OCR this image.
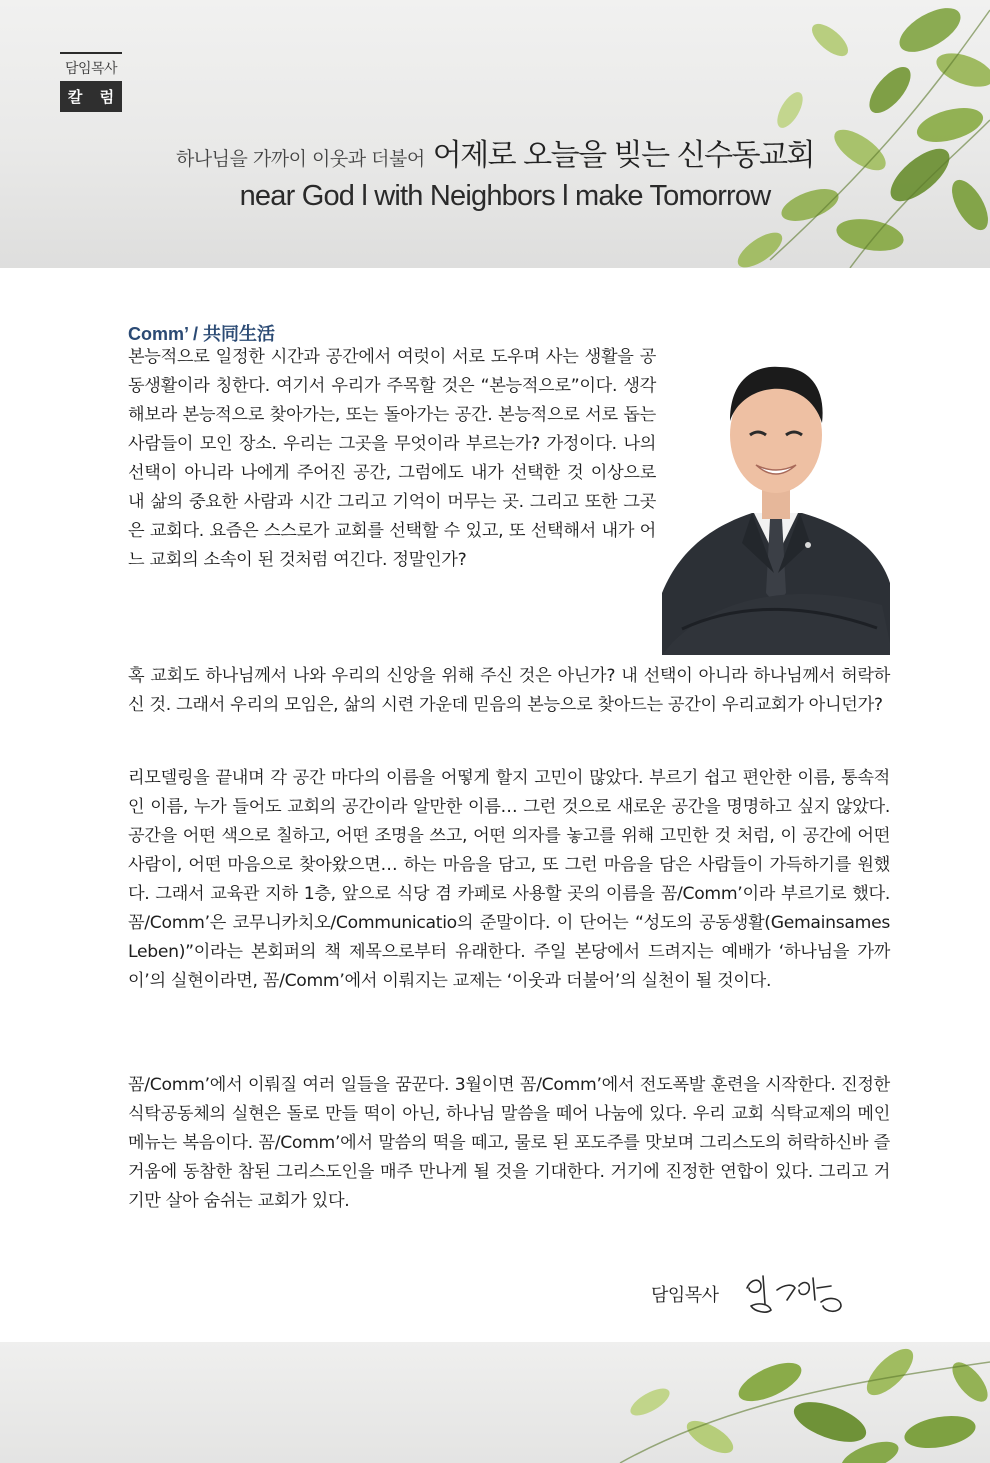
담임목사
칼 럼
하나님을 가까이 이웃과 더불어 어제로 오늘을 빚는 신수동교회
near God l with Neighbors l make Tomorrow
Comm’ / 共同生活
본능적으로 일정한 시간과 공간에서 여럿이 서로 도우며 사는 생활을 공동생활이라 칭한다. 여기서 우리가 주목할 것은 “본능적으로”이다. 생각해보라 본능적으로 찾아가는, 또는 돌아가는 공간. 본능적으로 서로 돕는 사람들이 모인 장소. 우리는 그곳을 무엇이라 부르는가? 가정이다. 나의 선택이 아니라 나에게 주어진 공간, 그럼에도 내가 선택한 것 이상으로 내 삶의 중요한 사람과 시간 그리고 기억이 머무는 곳. 그리고 또한 그곳은 교회다. 요즘은 스스로가 교회를 선택할 수 있고, 또 선택해서 내가 어느 교회의 소속이 된 것처럼 여긴다. 정말인가?
혹 교회도 하나님께서 나와 우리의 신앙을 위해 주신 것은 아닌가? 내 선택이 아니라 하나님께서 허락하신 것. 그래서 우리의 모임은, 삶의 시련 가운데 믿음의 본능으로 찾아드는 공간이 우리교회가 아니던가?
리모델링을 끝내며 각 공간 마다의 이름을 어떻게 할지 고민이 많았다. 부르기 쉽고 편안한 이름, 통속적인 이름, 누가 들어도 교회의 공간이라 알만한 이름… 그런 것으로 새로운 공간을 명명하고 싶지 않았다. 공간을 어떤 색으로 칠하고, 어떤 조명을 쓰고, 어떤 의자를 놓고를 위해 고민한 것 처럼, 이 공간에 어떤 사람이, 어떤 마음으로 찾아왔으면… 하는 마음을 담고, 또 그런 마음을 담은 사람들이 가득하기를 원했다. 그래서 교육관 지하 1층, 앞으로 식당 겸 카페로 사용할 곳의 이름을 꼼/Comm’이라 부르기로 했다. 꼼/Comm’은 코무니카치오/Communicatio의 준말이다. 이 단어는 “성도의 공동생활(Gemainsames Leben)”이라는 본회퍼의 책 제목으로부터 유래한다. 주일 본당에서 드려지는 예배가 ‘하나님을 가까이’의 실현이라면, 꼼/Comm’에서 이뤄지는 교제는 ‘이웃과 더불어’의 실천이 될 것이다.
꼼/Comm’에서 이뤄질 여러 일들을 꿈꾼다. 3월이면 꼼/Comm’에서 전도폭발 훈련을 시작한다. 진정한 식탁공동체의 실현은 돌로 만들 떡이 아닌, 하나님 말씀을 떼어 나눔에 있다. 우리 교회 식탁교제의 메인 메뉴는 복음이다. 꼼/Comm’에서 말씀의 떡을 떼고, 물로 된 포도주를 맛보며 그리스도의 허락하신바 즐거움에 동참한 참된 그리스도인을 매주 만나게 될 것을 기대한다. 거기에 진정한 연합이 있다. 그리고 거기만 살아 숨쉬는 교회가 있다.
담임목사
